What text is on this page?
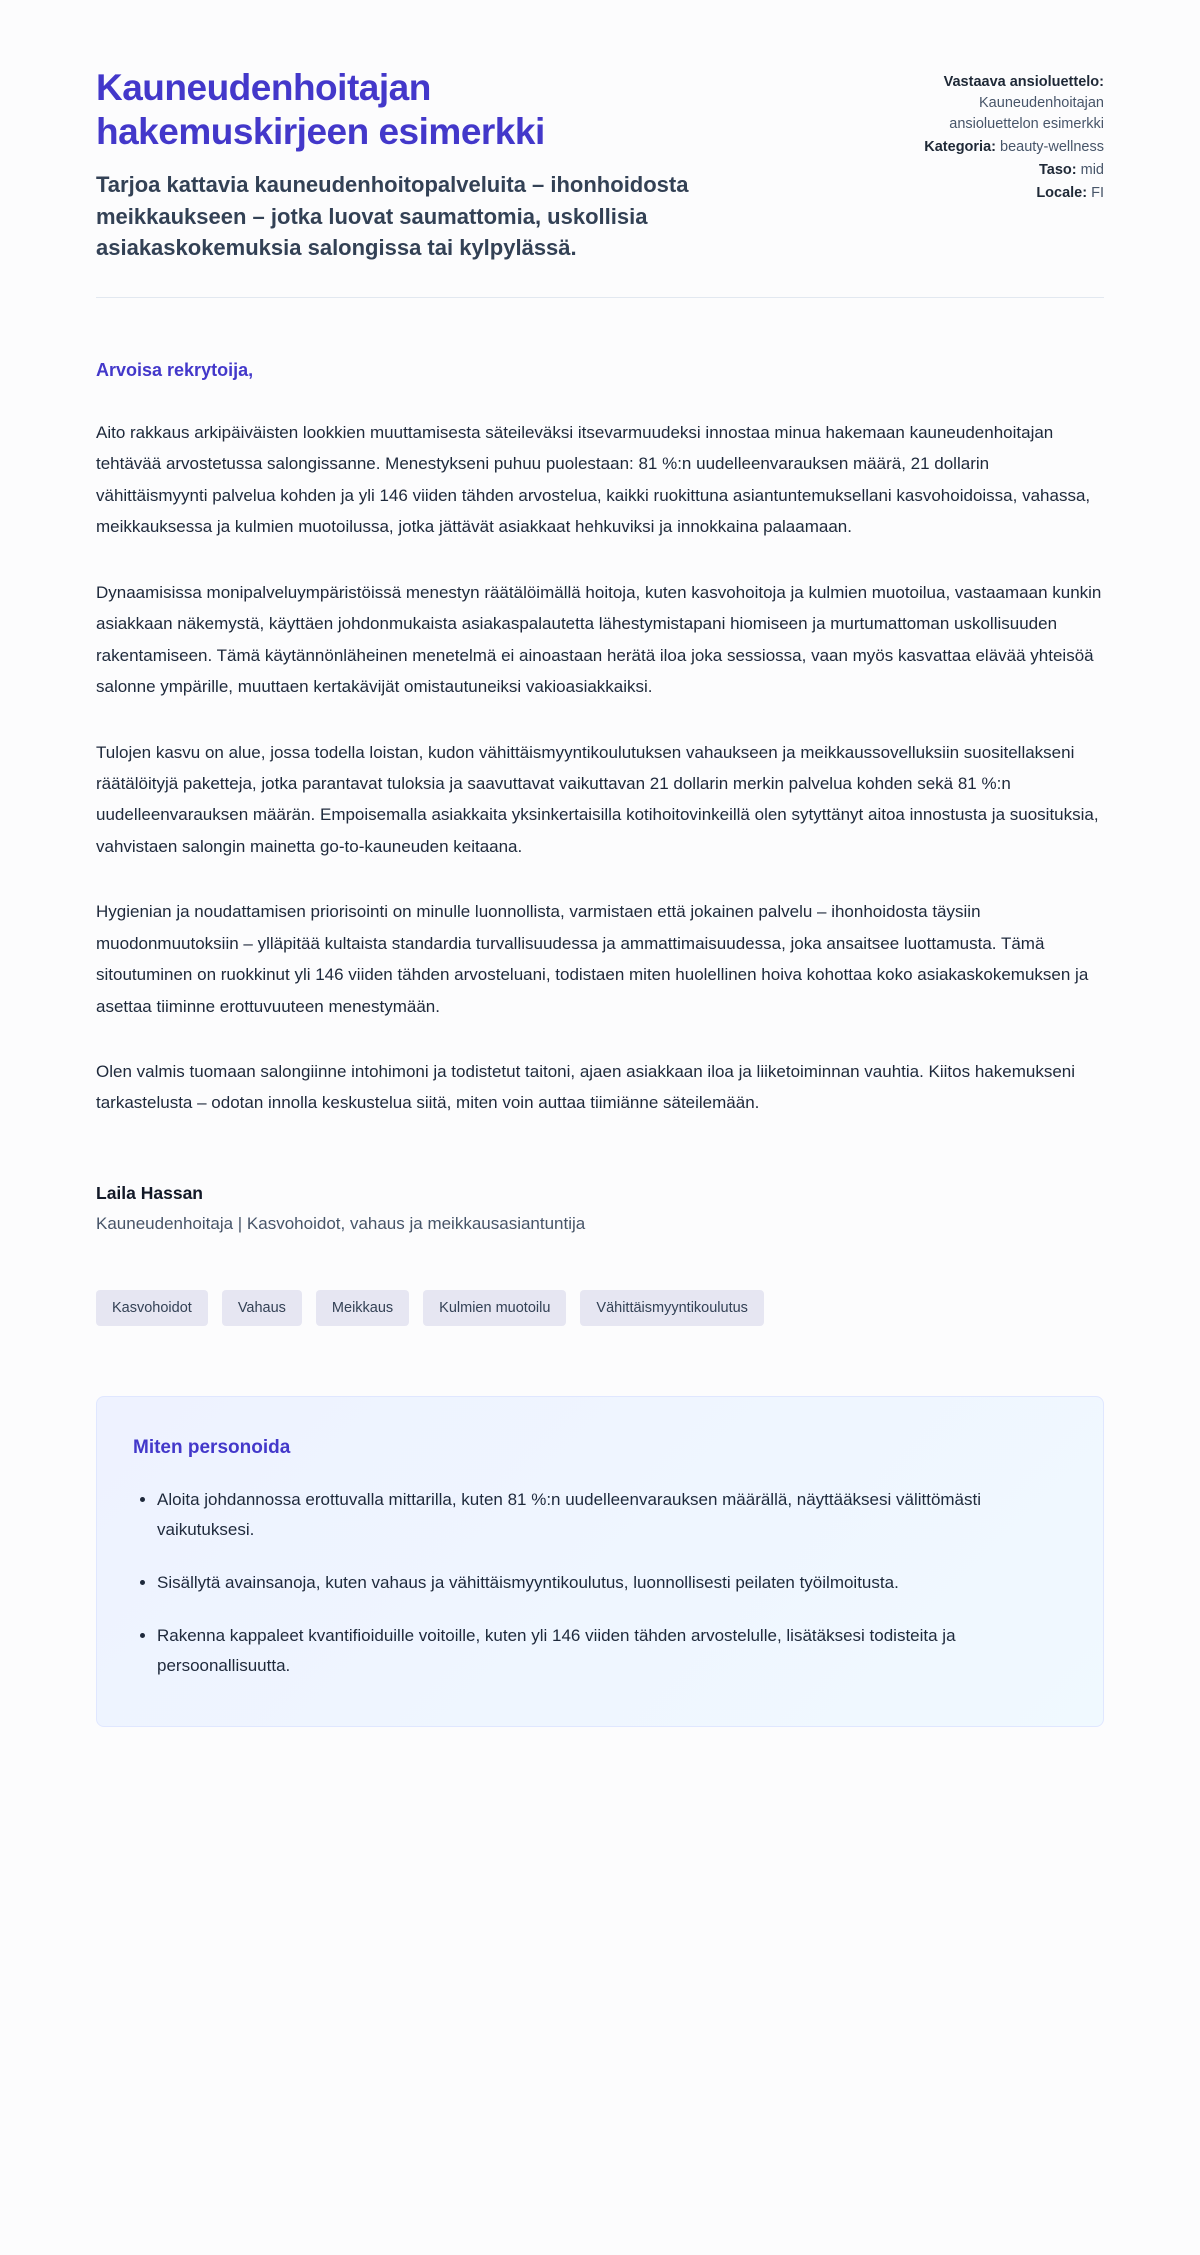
Kauneudenhoitajan hakemuskirjeen esimerkki
Tarjoa kattavia kauneudenhoitopalveluita – ihonhoidosta meikkaukseen – jotka luovat saumattomia, uskollisia asiakaskokemuksia salongissa tai kylpylässä.
Vastaava ansioluettelo:
Kauneudenhoitajan ansioluettelon esimerkki
Kategoria: beauty-wellness
Taso: mid
Locale: FI

Arvoisa rekrytoija,

Aito rakkaus arkipäiväisten lookkien muuttamisesta säteileväksi itsevarmuudeksi innostaa minua hakemaan kauneudenhoitajan tehtävää arvostetussa salongissanne. Menestykseni puhuu puolestaan: 81 %:n uudelleenvarauksen määrä, 21 dollarin vähittäismyynti palvelua kohden ja yli 146 viiden tähden arvostelua, kaikki ruokittuna asiantuntemuksellani kasvohoidoissa, vahassa, meikkauksessa ja kulmien muotoilussa, jotka jättävät asiakkaat hehkuviksi ja innokkaina palaamaan.

Dynaamisissa monipalveluympäristöissä menestyn räätälöimällä hoitoja, kuten kasvohoitoja ja kulmien muotoilua, vastaamaan kunkin asiakkaan näkemystä, käyttäen johdonmukaista asiakaspalautetta lähestymistapani hiomiseen ja murtumattoman uskollisuuden rakentamiseen. Tämä käytännönläheinen menetelmä ei ainoastaan herätä iloa joka sessiossa, vaan myös kasvattaa elävää yhteisöä salonne ympärille, muuttaen kertakävijät omistautuneiksi vakioasiakkaiksi.

Tulojen kasvu on alue, jossa todella loistan, kudon vähittäismyyntikoulutuksen vahaukseen ja meikkaussovelluksiin suositellakseni räätälöityjä paketteja, jotka parantavat tuloksia ja saavuttavat vaikuttavan 21 dollarin merkin palvelua kohden sekä 81 %:n uudelleenvarauksen määrän. Empoisemalla asiakkaita yksinkertaisilla kotihoitovinkeillä olen sytyttänyt aitoa innostusta ja suosituksia, vahvistaen salongin mainetta go-to-kauneuden keitaana.

Hygienian ja noudattamisen priorisointi on minulle luonnollista, varmistaen että jokainen palvelu – ihonhoidosta täysiin muodonmuutoksiin – ylläpitää kultaista standardia turvallisuudessa ja ammattimaisuudessa, joka ansaitsee luottamusta. Tämä sitoutuminen on ruokkinut yli 146 viiden tähden arvosteluani, todistaen miten huolellinen hoiva kohottaa koko asiakaskokemuksen ja asettaa tiiminne erottuvuuteen menestymään.

Olen valmis tuomaan salongiinne intohimoni ja todistetut taitoni, ajaen asiakkaan iloa ja liiketoiminnan vauhtia. Kiitos hakemukseni tarkastelusta – odotan innolla keskustelua siitä, miten voin auttaa tiimiänne säteilemään.

Laila Hassan
Kauneudenhoitaja | Kasvohoidot, vahaus ja meikkausasiantuntija
Kasvohoidot	Vahaus	Meikkaus	Kulmien muotoilu	Vähittäismyyntikoulutus
Miten personoida
• Aloita johdannossa erottuvalla mittarilla, kuten 81 %:n uudelleenvarauksen määrällä, näyttääksesi välittömästi vaikutuksesi.
• Sisällytä avainsanoja, kuten vahaus ja vähittäismyyntikoulutus, luonnollisesti peilaten työilmoitusta.
• Rakenna kappaleet kvantifioiduille voitoille, kuten yli 146 viiden tähden arvostelulle, lisätäksesi todisteita ja persoonallisuutta.
